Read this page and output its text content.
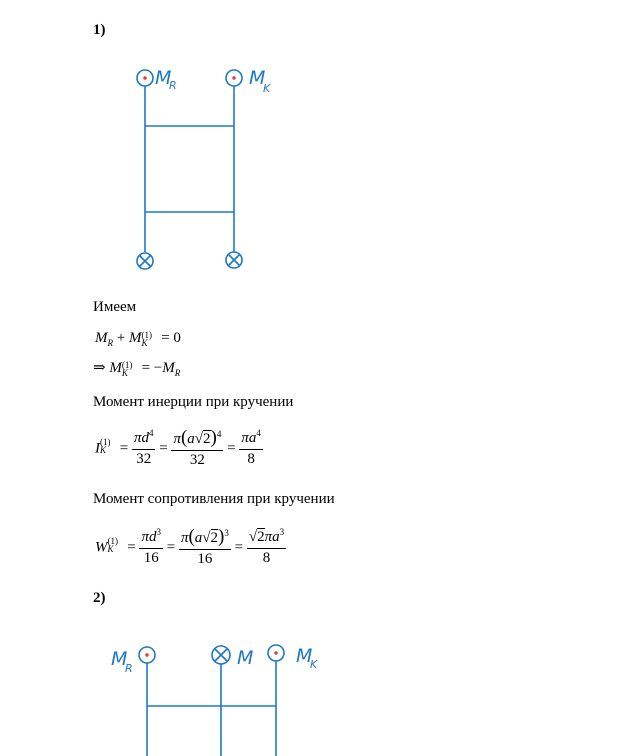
1)
M
R	M
K
Имеем
$M_R + M$ (1)
K = 0
⇒ M (1)
$K = -M_R$
Момент инерции при кручении
I (1)
$K = \frac{\pi d^4}{32} = \frac{\pi(a√2)^4}{32} = \frac{\pi a^4}{8}$
Момент сопротивления при кручении
W (1)
$K = \frac{\pi d^3}{16} = \frac{\pi(a√2)^3}{16} = \frac{√2\pi a^3}{8}$
2)
M
R	M M
K
